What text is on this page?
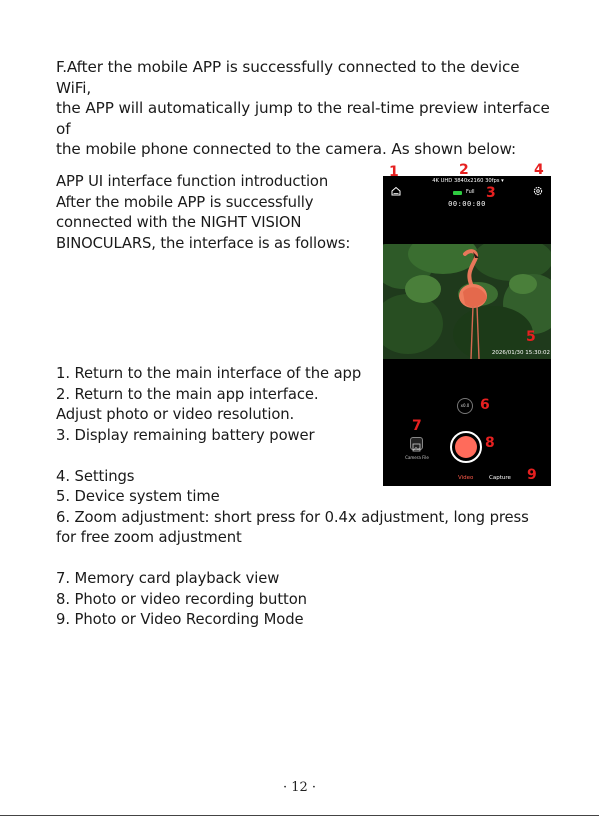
F.After the mobile APP is successfully connected to the device WiFi,

the APP will automatically jump to the real-time preview interface of

the mobile phone connected to the camera. As shown below:

APP UI interface function introduction

After the mobile APP is successfully

connected with the NIGHT VISION

BINOCULARS, the interface is as follows:

1. Return to the main interface of the app

2. Return to the main app interface. Adjust photo or video resolution.

3. Display remaining battery power

4. Settings

5. Device system time

6. Zoom adjustment: short press for 0.4x adjustment, long press for free zoom adjustment

7. Memory card playback view

8. Photo or video recording button

9. Photo or Video Recording Mode

4K UHD 3840x2160 30fps ▾
Full
00:00:00
2026/01/30 15:30:02
x0.0
Camera File
Video	Capture
1	2
3
4
5
6
7
8
9
· 12 ·
